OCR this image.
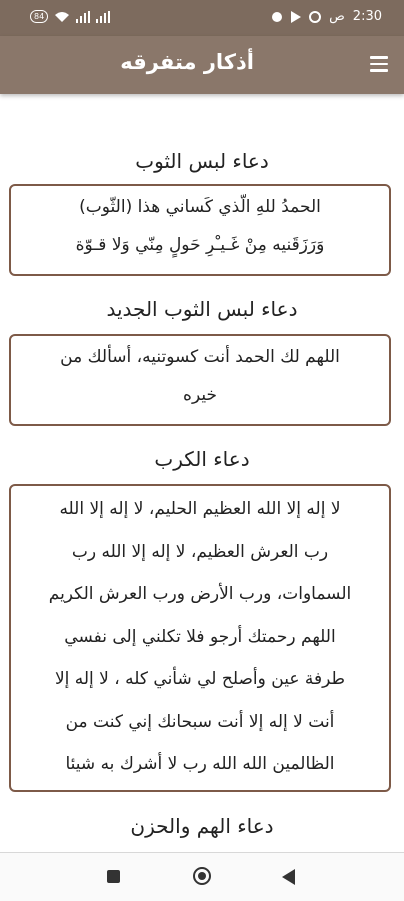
84	ص 2:30
أذكار متفرقه
دعاء لبس الثوب
الحمدُ للهِ الّذي كَساني هذا (الثّوب)
وَرَزَقَنيه مِنْ غَـيـْرِ حَولٍ مِنّي وَلا قـوّة
دعاء لبس الثوب الجديد
اللهم لك الحمد أنت كسوتنيه، أسألك من
خيره
دعاء الكرب
لا إله إلا الله العظيم الحليم، لا إله إلا الله
رب العرش العظيم، لا إله إلا الله رب
السماوات، ورب الأرض ورب العرش الكريم
اللهم رحمتك أرجو فلا تكلني إلى نفسي
طرفة عين وأصلح لي شأني كله ، لا إله إلا
أنت لا إله إلا أنت سبحانك إني كنت من
الظالمين الله الله رب لا أشرك به شيئا
دعاء الهم والحزن
